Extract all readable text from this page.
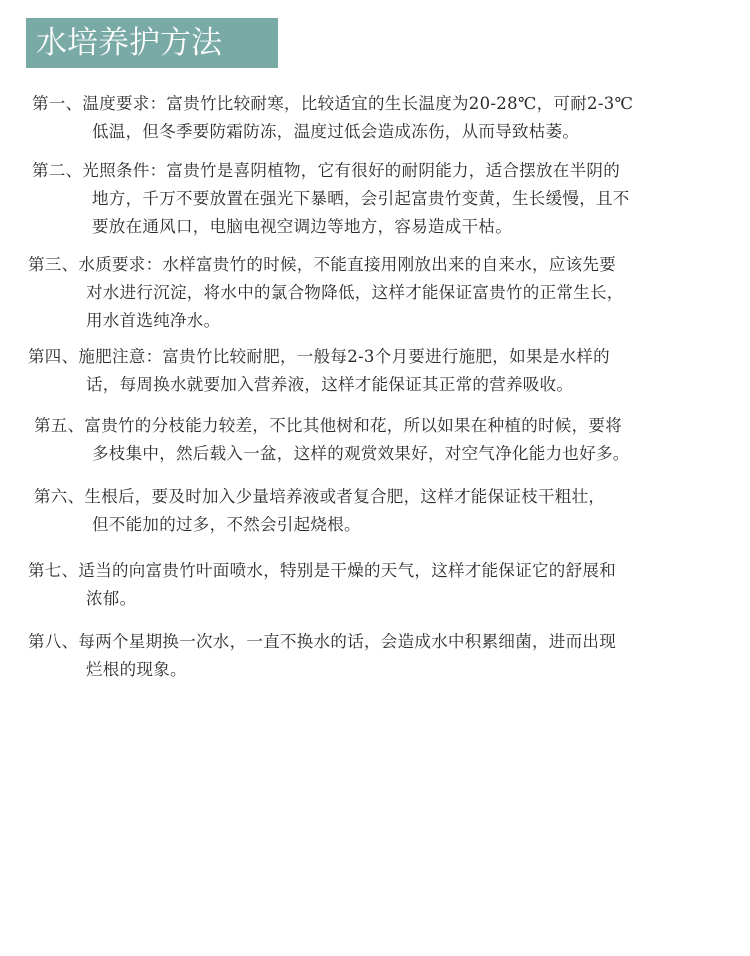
水培养护方法
第一、温度要求：富贵竹比较耐寒，比较适宜的生长温度为20-28℃，可耐2-3℃
低温，但冬季要防霜防冻，温度过低会造成冻伤，从而导致枯萎。
第二、光照条件：富贵竹是喜阴植物，它有很好的耐阴能力，适合摆放在半阴的
地方，千万不要放置在强光下暴晒，会引起富贵竹变黄，生长缓慢，且不
要放在通风口，电脑电视空调边等地方，容易造成干枯。
第三、水质要求：水样富贵竹的时候，不能直接用刚放出来的自来水，应该先要
对水进行沉淀，将水中的氯合物降低，这样才能保证富贵竹的正常生长，
用水首选纯净水。
第四、施肥注意：富贵竹比较耐肥，一般每2-3个月要进行施肥，如果是水样的
话，每周换水就要加入营养液，这样才能保证其正常的营养吸收。
第五、富贵竹的分枝能力较差，不比其他树和花，所以如果在种植的时候，要将
多枝集中，然后载入一盆，这样的观赏效果好，对空气净化能力也好多。
第六、生根后，要及时加入少量培养液或者复合肥，这样才能保证枝干粗壮，
但不能加的过多，不然会引起烧根。
第七、适当的向富贵竹叶面喷水，特别是干燥的天气，这样才能保证它的舒展和
浓郁。
第八、每两个星期换一次水，一直不换水的话，会造成水中积累细菌，进而出现
烂根的现象。
